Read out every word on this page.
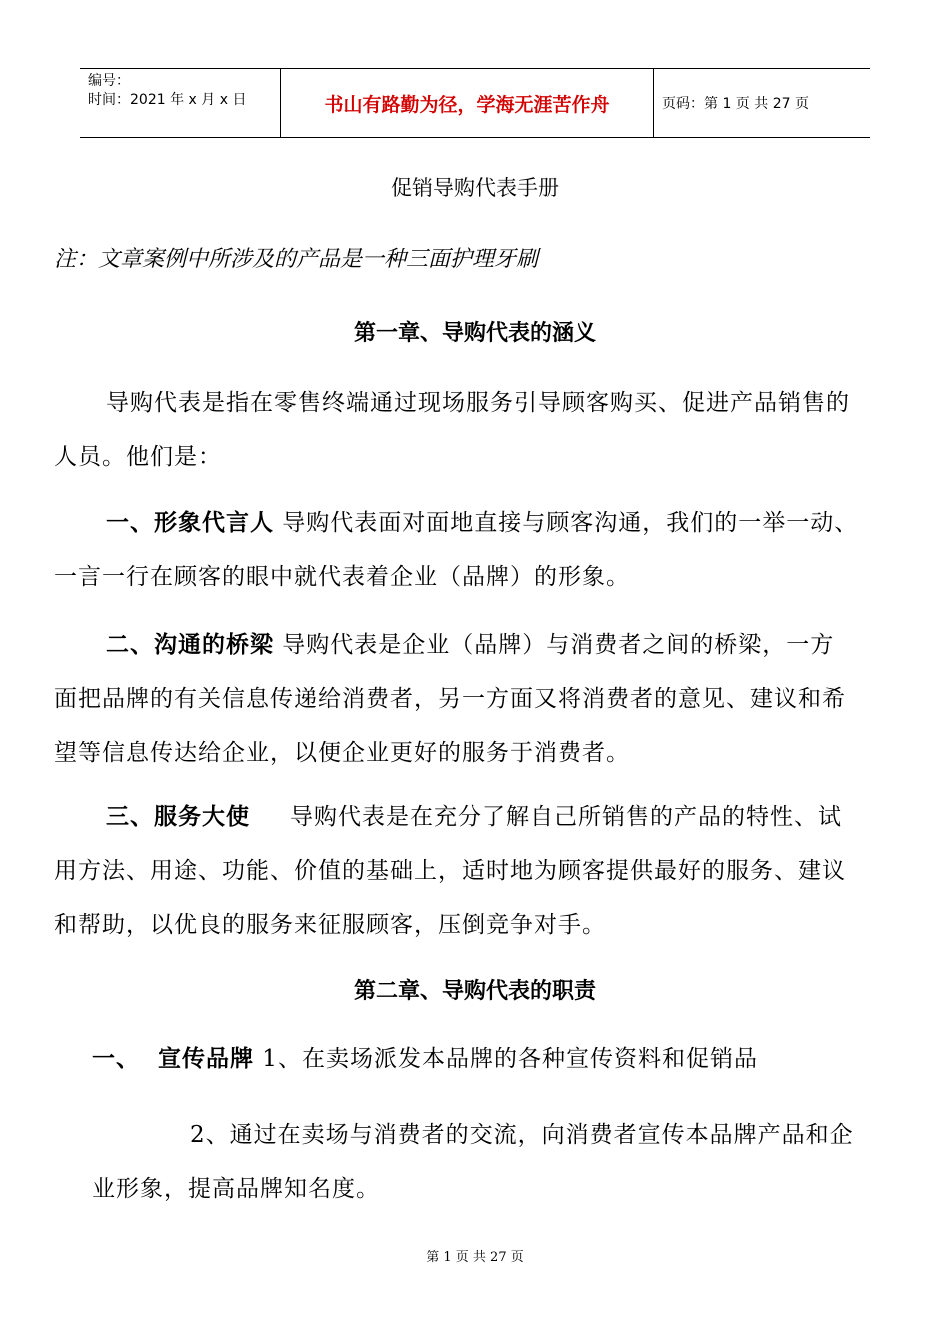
编号：
时间：2021 年 x 月 x 日	书山有路勤为径，学海无涯苦作舟	页码：第 1 页 共 27 页
促销导购代表手册
注：文章案例中所涉及的产品是一种三面护理牙刷
第一章、导购代表的涵义
导购代表是指在零售终端通过现场服务引导顾客购买、促进产品销售的
人员。他们是：
一、形象代言人 导购代表面对面地直接与顾客沟通，我们的一举一动、
一言一行在顾客的眼中就代表着企业（品牌）的形象。
二、沟通的桥梁 导购代表是企业（品牌）与消费者之间的桥梁，一方
面把品牌的有关信息传递给消费者，另一方面又将消费者的意见、建议和希
望等信息传达给企业，以便企业更好的服务于消费者。
三、服务大使 导购代表是在充分了解自己所销售的产品的特性、试
用方法、用途、功能、价值的基础上，适时地为顾客提供最好的服务、建议
和帮助，以优良的服务来征服顾客，压倒竞争对手。
第二章、导购代表的职责
一、 宣传品牌 1、在卖场派发本品牌的各种宣传资料和促销品
2、通过在卖场与消费者的交流，向消费者宣传本品牌产品和企
业形象，提高品牌知名度。
第 1 页 共 27 页
